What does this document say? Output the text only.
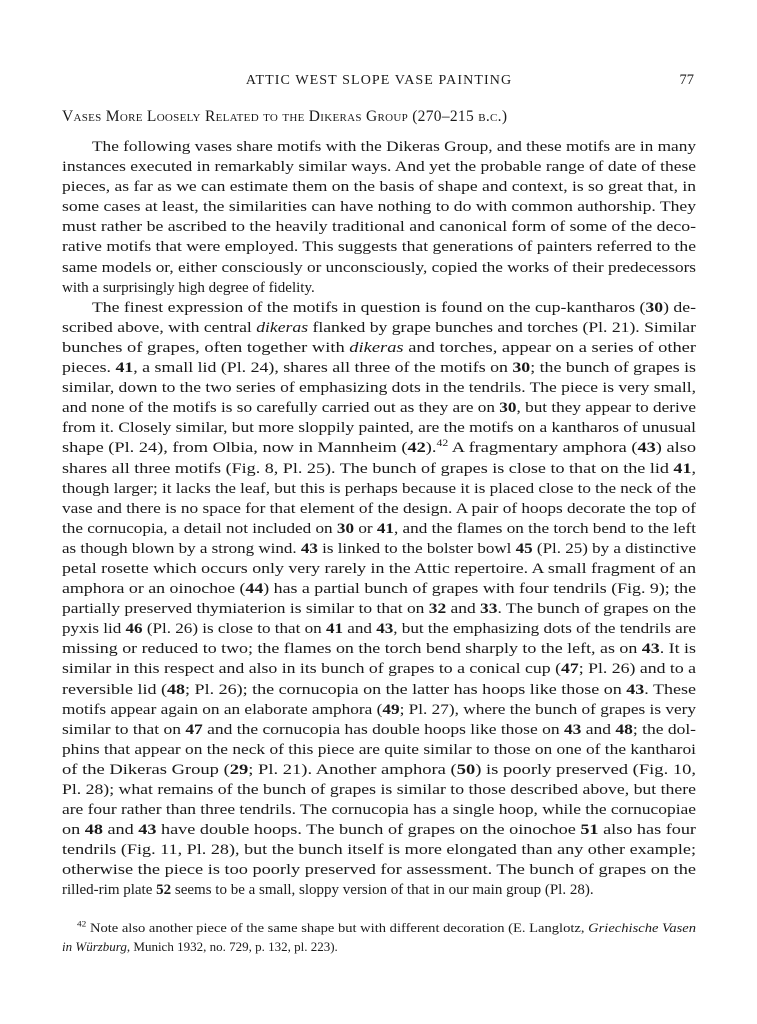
ATTIC WEST SLOPE VASE PAINTING	77
Vases More Loosely Related to the Dikeras Group (270–215 b.c.)
The following vases share motifs with the Dikeras Group, and these motifs are in many
instances executed in remarkably similar ways. And yet the probable range of date of these
pieces, as far as we can estimate them on the basis of shape and context, is so great that, in
some cases at least, the similarities can have nothing to do with common authorship. They
must rather be ascribed to the heavily traditional and canonical form of some of the deco-
rative motifs that were employed. This suggests that generations of painters referred to the
same models or, either consciously or unconsciously, copied the works of their predecessors
with a surprisingly high degree of fidelity.
The finest expression of the motifs in question is found on the cup-kantharos (30) de-
scribed above, with central dikeras flanked by grape bunches and torches (Pl. 21). Similar
bunches of grapes, often together with dikeras and torches, appear on a series of other
pieces. 41, a small lid (Pl. 24), shares all three of the motifs on 30; the bunch of grapes is
similar, down to the two series of emphasizing dots in the tendrils. The piece is very small,
and none of the motifs is so carefully carried out as they are on 30, but they appear to derive
from it. Closely similar, but more sloppily painted, are the motifs on a kantharos of unusual
shape (Pl. 24), from Olbia, now in Mannheim (42).$^{42}$ A fragmentary amphora (43) also
shares all three motifs (Fig. 8, Pl. 25). The bunch of grapes is close to that on the lid 41,
though larger; it lacks the leaf, but this is perhaps because it is placed close to the neck of the
vase and there is no space for that element of the design. A pair of hoops decorate the top of
the cornucopia, a detail not included on 30 or 41, and the flames on the torch bend to the left
as though blown by a strong wind. 43 is linked to the bolster bowl 45 (Pl. 25) by a distinctive
petal rosette which occurs only very rarely in the Attic repertoire. A small fragment of an
amphora or an oinochoe (44) has a partial bunch of grapes with four tendrils (Fig. 9); the
partially preserved thymiaterion is similar to that on 32 and 33. The bunch of grapes on the
pyxis lid 46 (Pl. 26) is close to that on 41 and 43, but the emphasizing dots of the tendrils are
missing or reduced to two; the flames on the torch bend sharply to the left, as on 43. It is
similar in this respect and also in its bunch of grapes to a conical cup (47; Pl. 26) and to a
reversible lid (48; Pl. 26); the cornucopia on the latter has hoops like those on 43. These
motifs appear again on an elaborate amphora (49; Pl. 27), where the bunch of grapes is very
similar to that on 47 and the cornucopia has double hoops like those on 43 and 48; the dol-
phins that appear on the neck of this piece are quite similar to those on one of the kantharoi
of the Dikeras Group (29; Pl. 21). Another amphora (50) is poorly preserved (Fig. 10,
Pl. 28); what remains of the bunch of grapes is similar to those described above, but there
are four rather than three tendrils. The cornucopia has a single hoop, while the cornucopiae
on 48 and 43 have double hoops. The bunch of grapes on the oinochoe 51 also has four
tendrils (Fig. 11, Pl. 28), but the bunch itself is more elongated than any other example;
otherwise the piece is too poorly preserved for assessment. The bunch of grapes on the
rilled-rim plate 52 seems to be a small, sloppy version of that in our main group (Pl. 28).
$^{42}$ Note also another piece of the same shape but with different decoration (E. Langlotz, Griechische Vasen
in Würzburg, Munich 1932, no. 729, p. 132, pl. 223).
